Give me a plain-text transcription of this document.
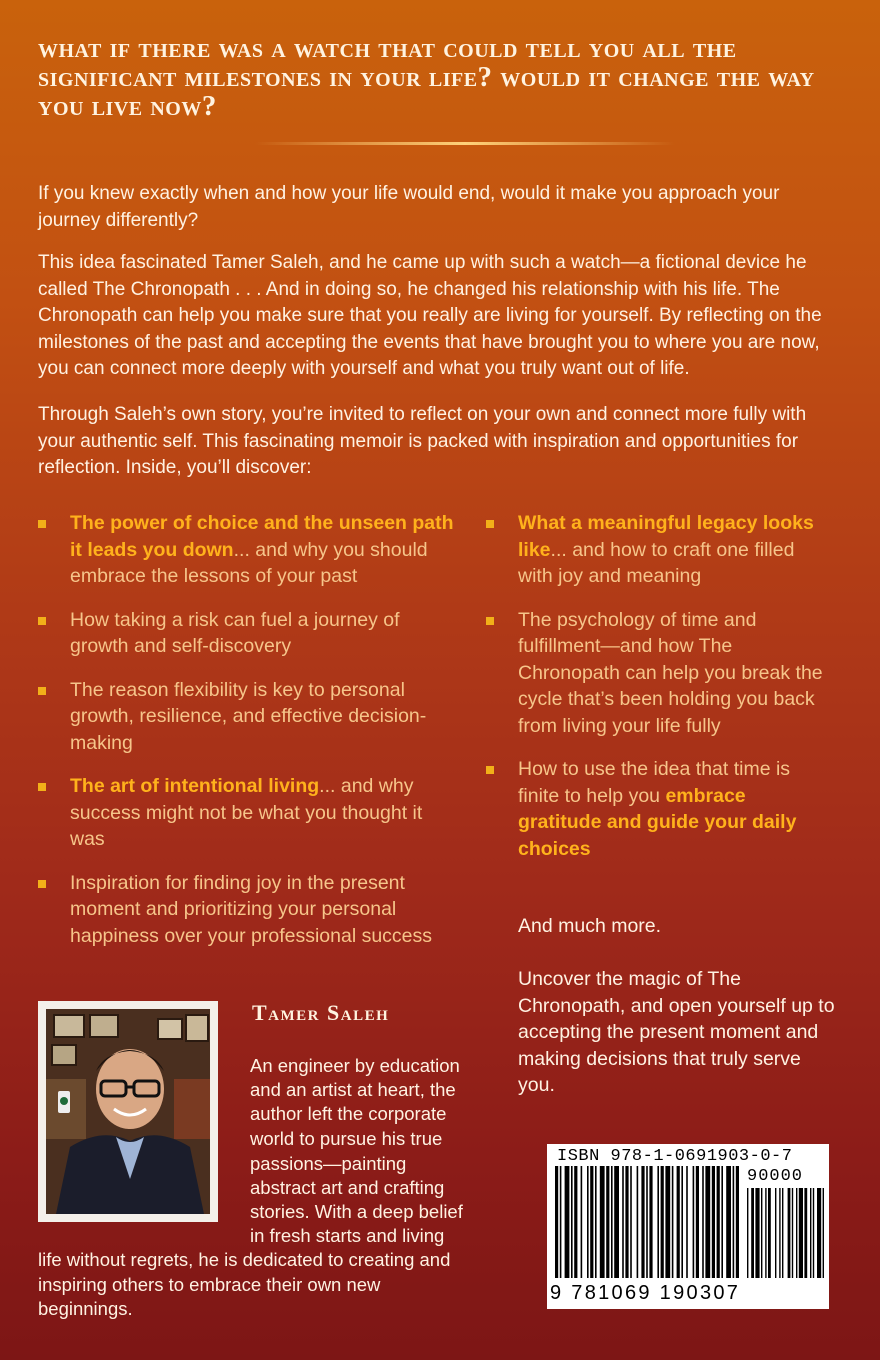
what if there was a watch that could tell you all the significant milestones in your life? would it change the way you live now?

If you knew exactly when and how your life would end, would it make you approach your journey differently?

This idea fascinated Tamer Saleh, and he came up with such a watch—a fictional device he called The Chronopath . . . And in doing so, he changed his relationship with his life. The Chronopath can help you make sure that you really are living for yourself. By reflecting on the milestones of the past and accepting the events that have brought you to where you are now, you can connect more deeply with yourself and what you truly want out of life.

Through Saleh’s own story, you’re invited to reflect on your own and connect more fully with your authentic self. This fascinating memoir is packed with inspiration and opportunities for reflection. Inside, you’ll discover:

The power of choice and the unseen path it leads you down... and why you should embrace the lessons of your past
How taking a risk can fuel a journey of growth and self-discovery
The reason flexibility is key to personal growth, resilience, and effective decision-making
The art of intentional living... and why success might not be what you thought it was
Inspiration for finding joy in the present moment and prioritizing your personal happiness over your professional success
What a meaningful legacy looks like... and how to craft one filled with joy and meaning
The psychology of time and fulfillment—and how The Chronopath can help you break the cycle that’s been holding you back from living your life fully
How to use the idea that time is finite to help you embrace gratitude and guide your daily choices

And much more.

Uncover the magic of The Chronopath, and open yourself up to accepting the present moment and making decisions that truly serve you.

Tamer Saleh
An engineer by education
and an artist at heart, the
author left the corporate
world to pursue his true
passions—painting
abstract art and crafting
stories. With a deep belief
in fresh starts and living
life without regrets, he is dedicated to creating and
inspiring others to embrace their own new
beginnings.
ISBN 978-1-0691903-0-7
90000
9 781069 190307
